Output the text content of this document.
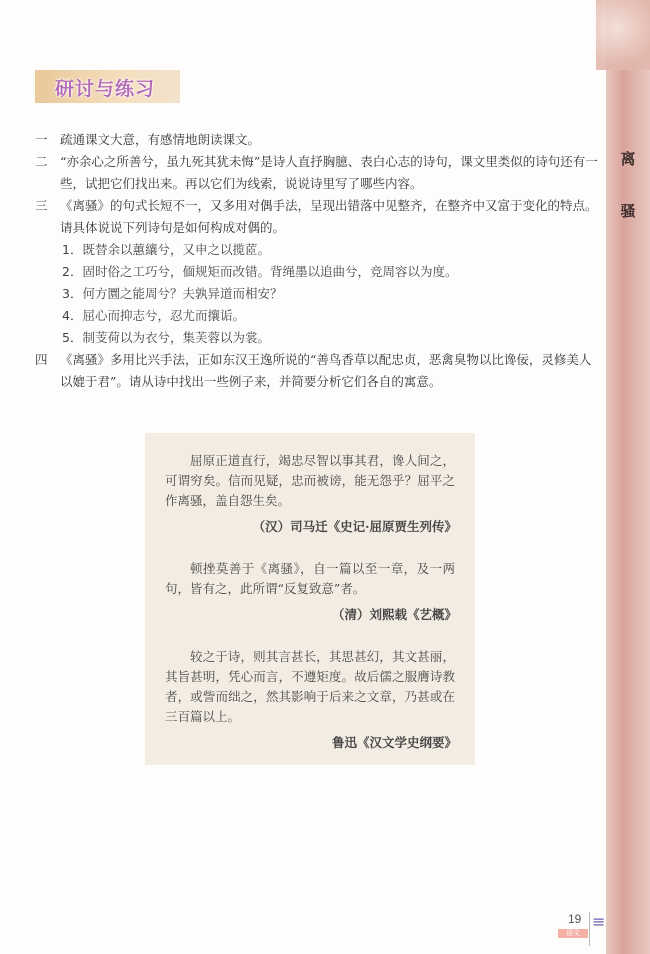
离
骚
研讨与练习
一 疏通课文大意，有感情地朗读课文。
二 “亦余心之所善兮，虽九死其犹未悔”是诗人直抒胸臆、表白心志的诗句，课文里类似的诗句还有一些，试把它们找出来。再以它们为线索，说说诗里写了哪些内容。
三 《离骚》的句式长短不一，又多用对偶手法，呈现出错落中见整齐，在整齐中又富于变化的特点。请具体说说下列诗句是如何构成对偶的。
1．既替余以蕙纕兮，又申之以揽茝。
2．固时俗之工巧兮，偭规矩而改错。背绳墨以追曲兮，竞周容以为度。
3．何方圜之能周兮？夫孰异道而相安？
4．屈心而抑志兮，忍尤而攘诟。
5．制芰荷以为衣兮，集芙蓉以为裳。
四 《离骚》多用比兴手法，正如东汉王逸所说的“善鸟香草以配忠贞，恶禽臭物以比谗佞，灵修美人以媲于君”。请从诗中找出一些例子来，并简要分析它们各自的寓意。

屈原正道直行，竭忠尽智以事其君，谗人间之，可谓穷矣。信而见疑，忠而被谤，能无怨乎？屈平之作离骚，盖自怨生矣。

（汉）司马迁《史记·屈原贾生列传》

顿挫莫善于《离骚》，自一篇以至一章，及一两句，皆有之，此所谓“反复致意”者。

（清）刘熙载《艺概》

较之于诗，则其言甚长，其思甚幻，其文甚丽，其旨甚明，凭心而言，不遵矩度。故后儒之服膺诗教者，或訾而绌之，然其影响于后来之文章，乃甚或在三百篇以上。

鲁迅《汉文学史纲要》

19
语文
≡
